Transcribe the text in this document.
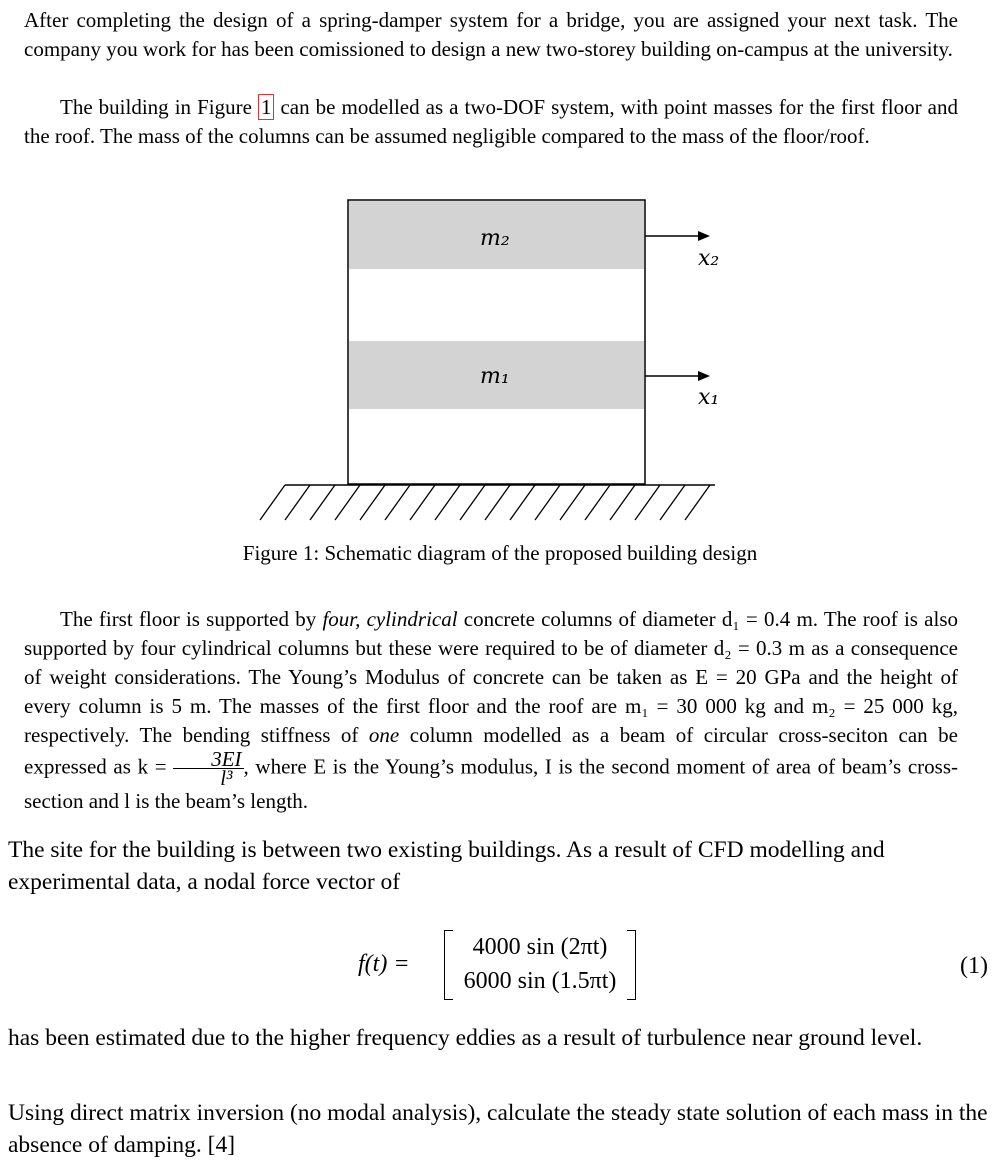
After completing the design of a spring-damper system for a bridge, you are assigned your next task. The company you work for has been comissioned to design a new two-storey building on-campus at the university.

The building in Figure 1 can be modelled as a two-DOF system, with point masses for the first floor and the roof. The mass of the columns can be assumed negligible compared to the mass of the floor/roof.

m₂
m₁
x₂
x₁
Figure 1: Schematic diagram of the proposed building design

The first floor is supported by four, cylindrical concrete columns of diameter d₁ = 0.4 m. The roof is also supported by four cylindrical columns but these were required to be of diameter d₂ = 0.3 m as a consequence of weight considerations. The Young’s Modulus of concrete can be taken as E = 20 GPa and the height of every column is 5 m. The masses of the first floor and the roof are m₁ = 30 000 kg and m₂ = 25 000 kg, respectively. The bending stiffness of one column modelled as a beam of circular cross-seciton can be expressed as $k = \frac{3EI}{\text{l³}}$ , where E is the Young’s modulus, I is the second moment of area of beam’s cross-section and l is the beam’s length.

The site for the building is between two existing buildings. As a result of CFD modelling and experimental data, a nodal force vector of

f(t) =
4000 sin (2πt)
6000 sin (1.5πt)
(1)

has been estimated due to the higher frequency eddies as a result of turbulence near ground level.

Using direct matrix inversion (no modal analysis), calculate the steady state solution of each mass in the absence of damping. [4]
